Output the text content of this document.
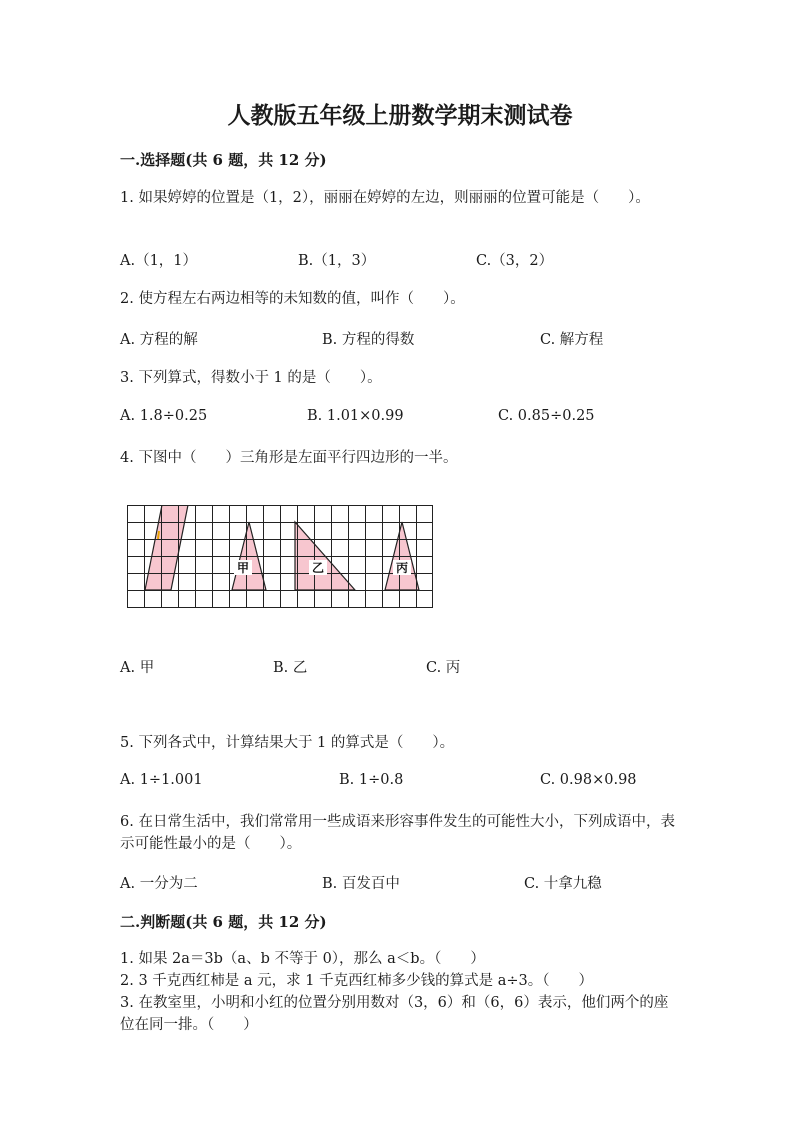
人教版五年级上册数学期末测试卷
一.选择题(共 6 题，共 12 分)
1. 如果婷婷的位置是（1，2），丽丽在婷婷的左边，则丽丽的位置可能是（　　）。
A.（1，1）	B.（1，3）	C.（3，2）
2. 使方程左右两边相等的未知数的值，叫作（　　）。
A. 方程的解	B. 方程的得数	C. 解方程
3. 下列算式，得数小于 1 的是（　　）。
A. 1.8÷0.25	B. 1.01×0.99	C. 0.85÷0.25
4. 下图中（　　）三角形是左面平行四边形的一半。
甲	乙	丙
A. 甲	B. 乙	C. 丙
5. 下列各式中，计算结果大于 1 的算式是（　　）。
A. 1÷1.001	B. 1÷0.8	C. 0.98×0.98
6. 在日常生活中，我们常常用一些成语来形容事件发生的可能性大小，下列成语中，表示可能性最小的是（　　）。
A. 一分为二	B. 百发百中	C. 十拿九稳
二.判断题(共 6 题，共 12 分)
1. 如果 2a＝3b（a、b 不等于 0），那么 a＜b。（　　）
2. 3 千克西红柿是 a 元，求 1 千克西红柿多少钱的算式是 a÷3。（　　）
3. 在教室里，小明和小红的位置分别用数对（3，6）和（6，6）表示，他们两个的座位在同一排。（　　）
